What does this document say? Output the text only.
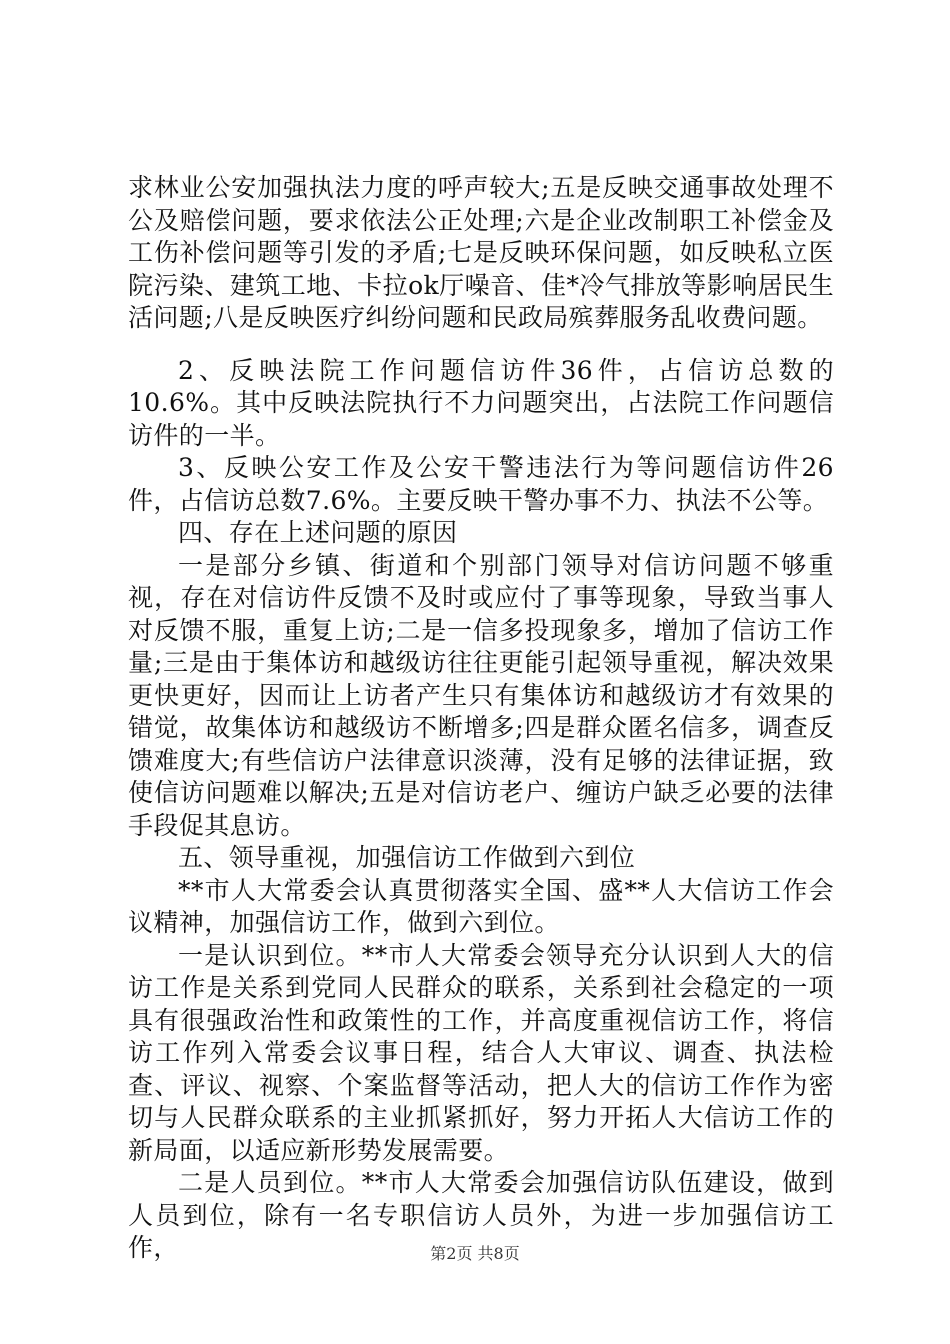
求林业公安加强执法力度的呼声较大;五是反映交通事故处理不公及赔偿问题，要求依法公正处理;六是企业改制职工补偿金及工伤补偿问题等引发的矛盾;七是反映环保问题，如反映私立医院污染、建筑工地、卡拉ok厅噪音、佳*冷气排放等影响居民生活问题;八是反映医疗纠纷问题和民政局殡葬服务乱收费问题。

2、反映法院工作问题信访件36件，占信访总数的10.6%。其中反映法院执行不力问题突出，占法院工作问题信访件的一半。

3、反映公安工作及公安干警违法行为等问题信访件26件，占信访总数7.6%。主要反映干警办事不力、执法不公等。

四、存在上述问题的原因

一是部分乡镇、街道和个别部门领导对信访问题不够重视，存在对信访件反馈不及时或应付了事等现象，导致当事人对反馈不服，重复上访;二是一信多投现象多，增加了信访工作量;三是由于集体访和越级访往往更能引起领导重视，解决效果更快更好，因而让上访者产生只有集体访和越级访才有效果的错觉，故集体访和越级访不断增多;四是群众匿名信多，调查反馈难度大;有些信访户法律意识淡薄，没有足够的法律证据，致使信访问题难以解决;五是对信访老户、缠访户缺乏必要的法律手段促其息访。

五、领导重视，加强信访工作做到六到位

**市人大常委会认真贯彻落实全国、盛**人大信访工作会议精神，加强信访工作，做到六到位。

一是认识到位。**市人大常委会领导充分认识到人大的信访工作是关系到党同人民群众的联系，关系到社会稳定的一项具有很强政治性和政策性的工作，并高度重视信访工作，将信访工作列入常委会议事日程，结合人大审议、调查、执法检查、评议、视察、个案监督等活动，把人大的信访工作作为密切与人民群众联系的主业抓紧抓好，努力开拓人大信访工作的新局面，以适应新形势发展需要。

二是人员到位。**市人大常委会加强信访队伍建设，做到人员到位，除有一名专职信访人员外，为进一步加强信访工作，	第2页 共8页
